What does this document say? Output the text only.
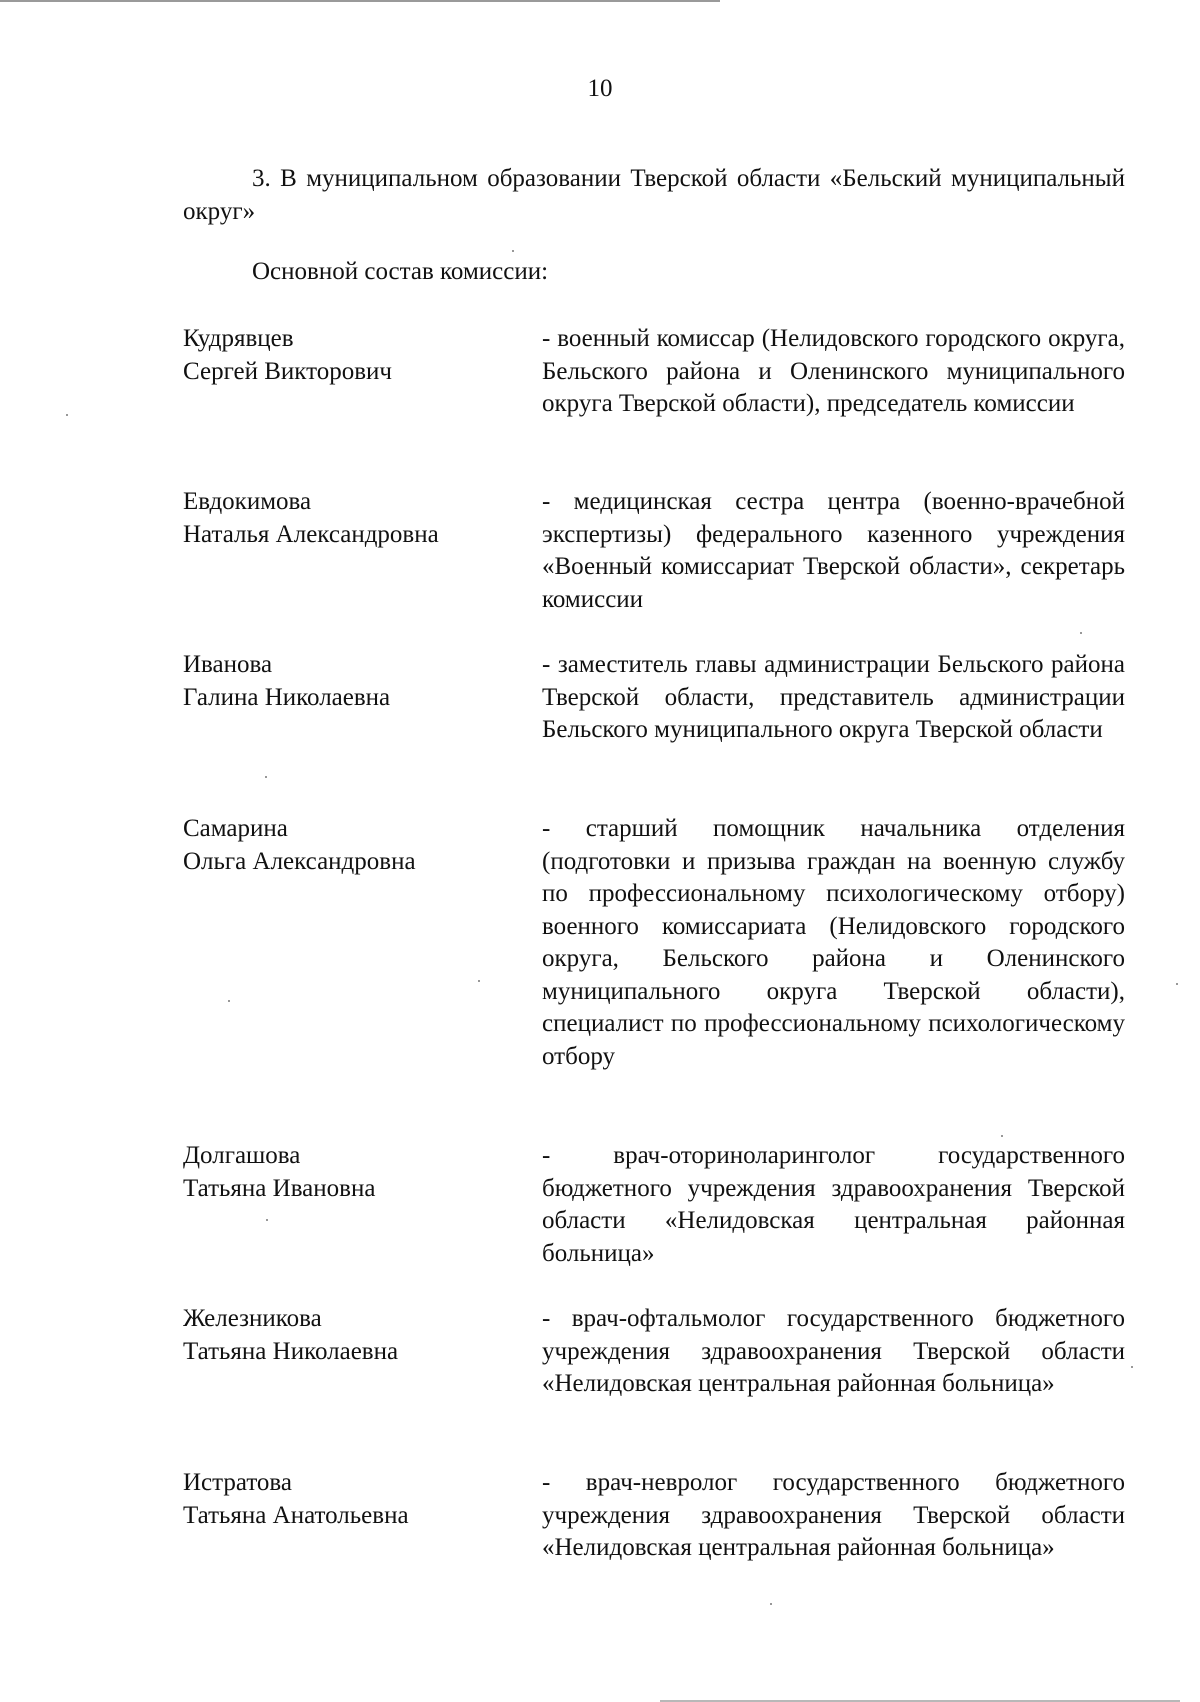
10
3. В муниципальном образовании Тверской области «Бельский муниципальный округ»
Основной состав комиссии:
Кудрявцев
Сергей Викторович
- военный комиссар (Нелидовского городского округа, Бельского района и Оленинского муниципального округа Тверской области), председатель комиссии
Евдокимова
Наталья Александровна
- медицинская сестра центра (военно-врачебной экспертизы) федерального казенного учреждения «Военный комиссариат Тверской области», секретарь комиссии
Иванова
Галина Николаевна
- заместитель главы администрации Бельского района Тверской области, представитель администрации Бельского муниципального округа Тверской области
Самарина
Ольга Александровна
- старший помощник начальника отделения (подготовки и призыва граждан на военную службу по профессиональному психологическому отбору) военного комиссариата (Нелидовского городского округа, Бельского района и Оленинского муниципального округа Тверской области), специалист по профессиональному психологическому отбору
Долгашова
Татьяна Ивановна
- врач-оториноларинголог государственного бюджетного учреждения здравоохранения Тверской области «Нелидовская центральная районная больница»
Железникова
Татьяна Николаевна
- врач-офтальмолог государственного бюджетного учреждения здравоохранения Тверской области «Нелидовская центральная районная больница»
Истратова
Татьяна Анатольевна
- врач-невролог государственного бюджетного учреждения здравоохранения Тверской области «Нелидовская центральная районная больница»
